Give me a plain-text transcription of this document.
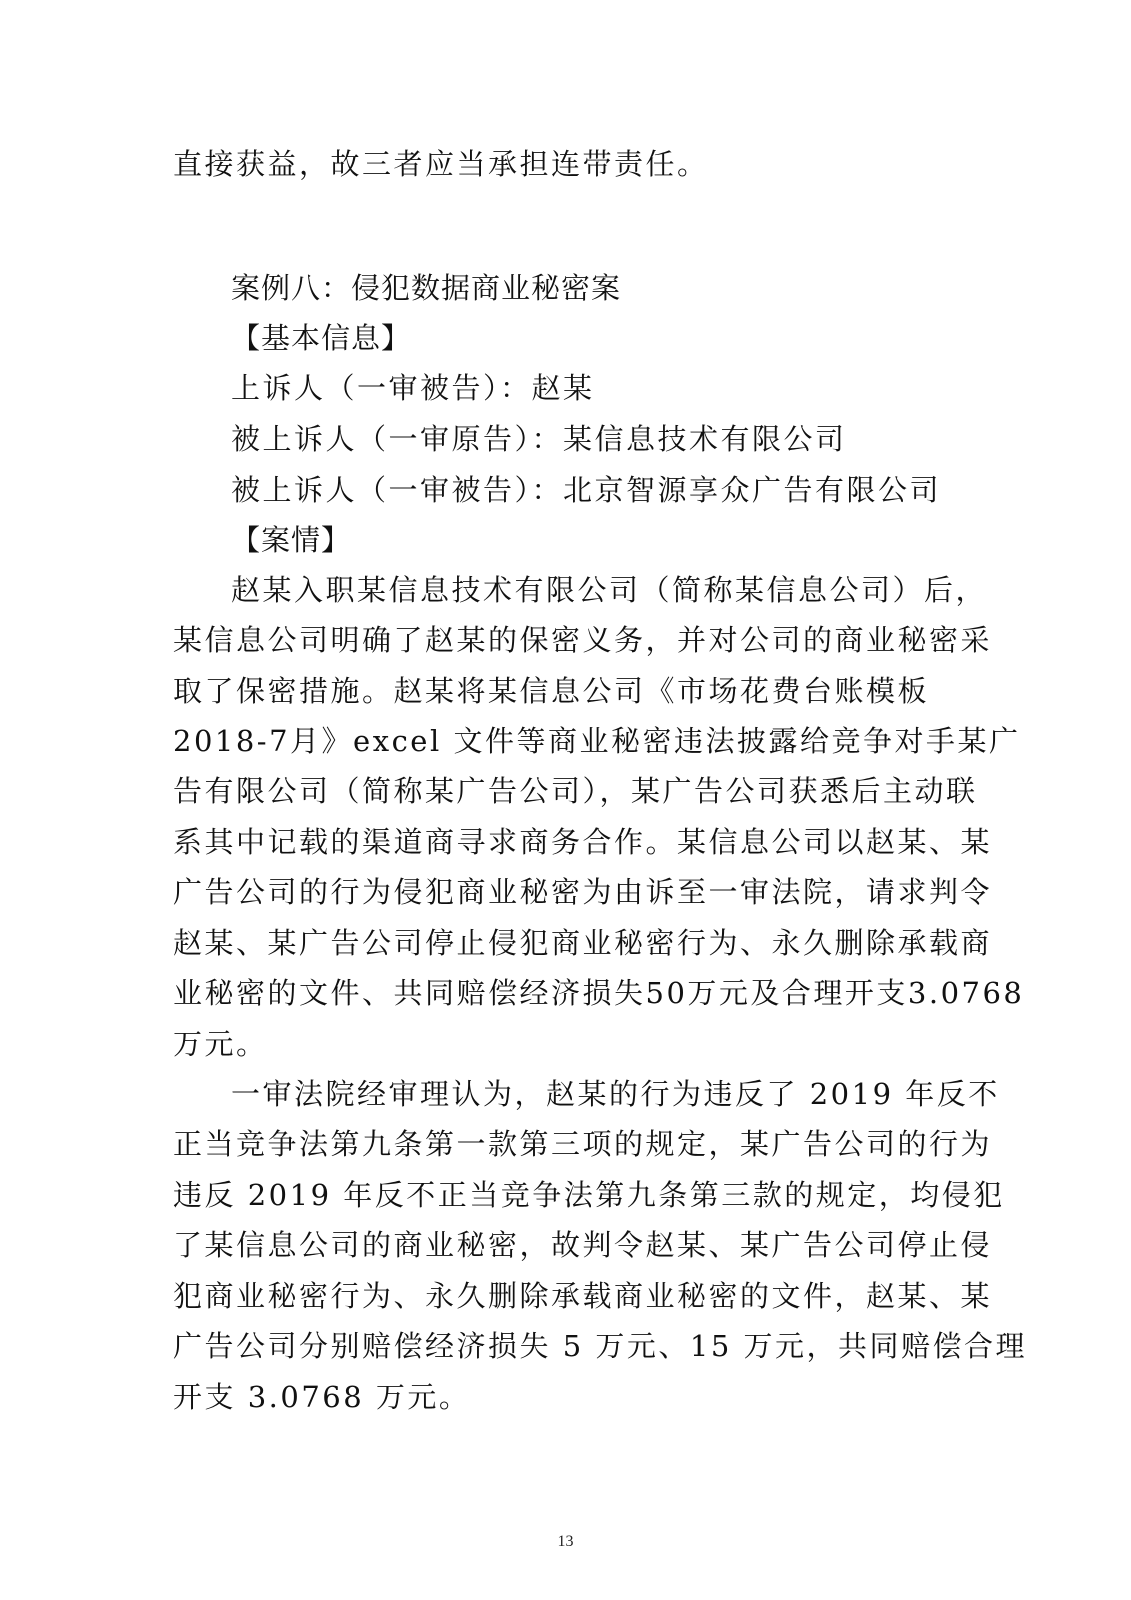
直接获益，故三者应当承担连带责任。
案例八：侵犯数据商业秘密案
【基本信息】
上诉人（一审被告）：赵某
被上诉人（一审原告）：某信息技术有限公司
被上诉人（一审被告）：北京智源享众广告有限公司
【案情】
赵某入职某信息技术有限公司（简称某信息公司）后，
某信息公司明确了赵某的保密义务，并对公司的商业秘密采
取了保密措施。赵某将某信息公司《市场花费台账模板
2018-7月》excel 文件等商业秘密违法披露给竞争对手某广
告有限公司（简称某广告公司），某广告公司获悉后主动联
系其中记载的渠道商寻求商务合作。某信息公司以赵某、某
广告公司的行为侵犯商业秘密为由诉至一审法院，请求判令
赵某、某广告公司停止侵犯商业秘密行为、永久删除承载商
业秘密的文件、共同赔偿经济损失50万元及合理开支3.0768
万元。
一审法院经审理认为，赵某的行为违反了 2019 年反不
正当竞争法第九条第一款第三项的规定，某广告公司的行为
违反 2019 年反不正当竞争法第九条第三款的规定，均侵犯
了某信息公司的商业秘密，故判令赵某、某广告公司停止侵
犯商业秘密行为、永久删除承载商业秘密的文件，赵某、某
广告公司分别赔偿经济损失 5 万元、15 万元，共同赔偿合理
开支 3.0768 万元。
13
